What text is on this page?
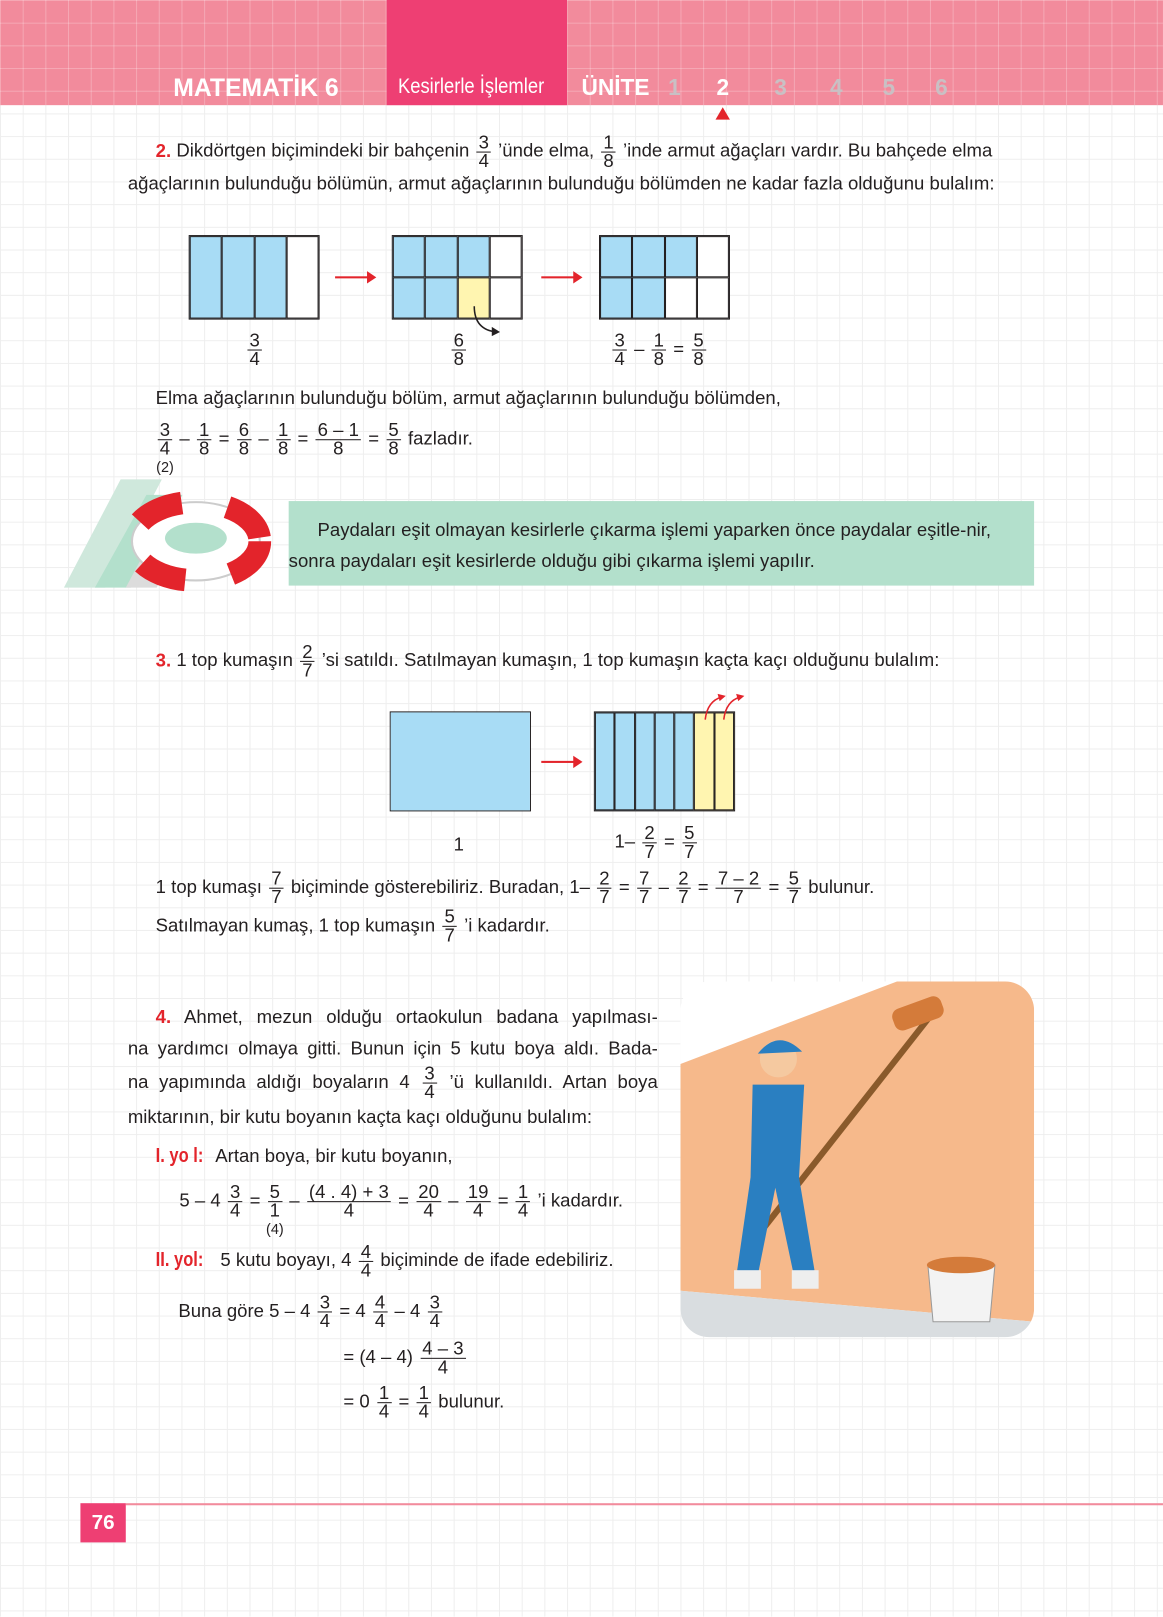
MATEMATİK 6	Kesirlerle İşlemler ÜNİTE 1 2 3 4 5 6
2. Dikdörtgen biçimindeki bir bahçenin $\frac{3}{4}$ ’ünde elma, $\frac{1}{8}$ ’inde armut ağaçları vardır. Bu bahçede elma
ağaçlarının bulunduğu bölümün, armut ağaçlarının bulunduğu bölümden ne kadar fazla olduğunu bulalım:
$\frac{3}{4}$	$\frac{6}{8}$	$\frac{3}{4} - \frac{1}{8} = \frac{5}{8}$
Elma ağaçlarının bulunduğu bölüm, armut ağaçlarının bulunduğu bölümden,
3
4
(2)
– $\frac{1}{8} = \frac{6}{8} - \frac{1}{8} = \frac{6 - 1}{8} = \frac{5}{8}$ fazladır.

Paydaları eşit olmayan kesirlerle çıkarma işlemi yaparken önce paydalar eşitle-nir, sonra paydaları eşit kesirlerde olduğu gibi çıkarma işlemi yapılır.

3. 1 top kumaşın $\frac{2}{7}$ ’si satıldı. Satılmayan kumaşın, 1 top kumaşın kaçta kaçı olduğunu bulalım:
1	$1- \frac{2}{7} = \frac{5}{7}$
1 top kumaşı $\frac{7}{7}$ biçiminde gösterebiliriz. Buradan, $1- \frac{2}{7} = \frac{7}{7} - \frac{2}{7} = \frac{7 - 2}{7} = \frac{5}{7}$ bulunur.
Satılmayan kumaş, 1 top kumaşın $\frac{5}{7}$ ’i kadardır.
4. Ahmet, mezun olduğu ortaokulun badana yapılması-
na yardımcı olmaya gitti. Bunun için 5 kutu boya aldı. Bada-
na yapımında aldığı boyaların $4 \frac{3}{4}$ ’ü kullanıldı. Artan boya
miktarının, bir kutu boyanın kaçta kaçı olduğunu bulalım:
I. yo l: Artan boya, bir kutu boyanın,
$5 - 4 \frac{3}{4} = 5$
1
(4)
– $\frac{(4 . 4) + 3}{4} = \frac{20}{4} - \frac{19}{4} = \frac{1}{4}$ ’i kadardır.
II. yol: 5 kutu boyayı, $4 \frac{4}{4}$ biçiminde de ifade edebiliriz.
Buna göre $5 - 4 \frac{3}{4} = 4 \frac{4}{4} - 4 \frac{3}{4}$
= $(4 - 4) \frac{4 - 3}{4}$
= $0 \frac{1}{4} = \frac{1}{4}$ bulunur.
76
